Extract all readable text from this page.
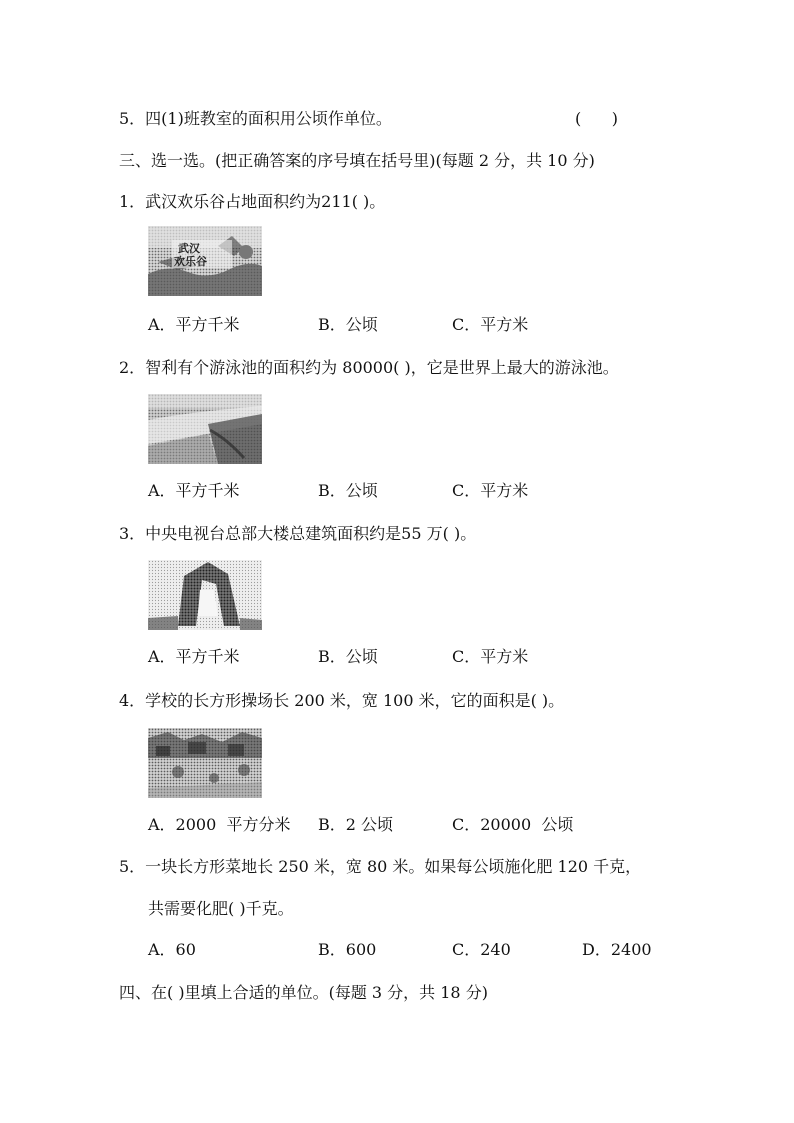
5．四(1)班教室的面积用公顷作单位。	(      )
三、选一选。(把正确答案的序号填在括号里)(每题 2 分，共 10 分)
1．武汉欢乐谷占地面积约为211( )。
武汉
欢乐谷
A．平方千米	B．公顷	C．平方米
2．智利有个游泳池的面积约为 80000( )，它是世界上最大的游泳池。
A．平方千米	B．公顷	C．平方米
3．中央电视台总部大楼总建筑面积约是55 万( )。
A．平方千米	B．公顷	C．平方米
4．学校的长方形操场长 200 米，宽 100 米，它的面积是( )。
A．2000  平方分米 B．2 公顷	C．20000  公顷
5．一块长方形菜地长 250 米，宽 80 米。如果每公顷施化肥 120 千克，
共需要化肥( )千克。
A．60	B．600	C．240	D．2400
四、在( )里填上合适的单位。(每题 3 分，共 18 分)
